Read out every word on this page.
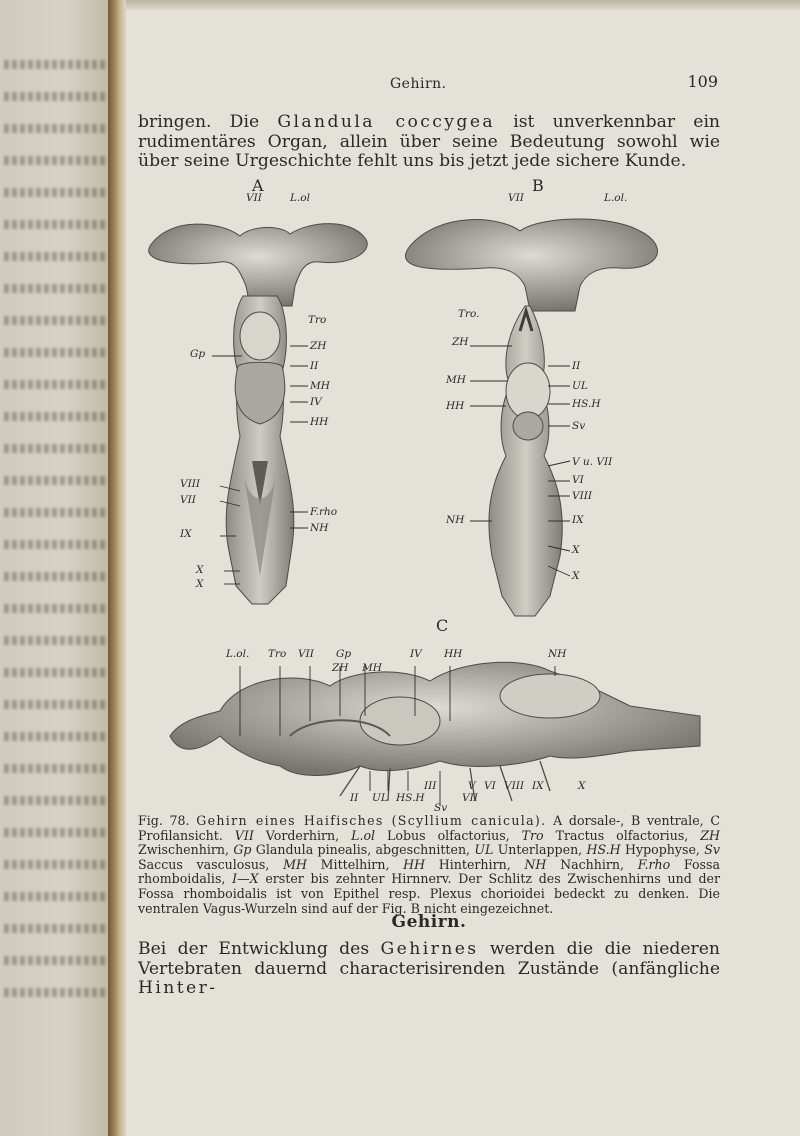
Gehirn.	109
bringen. Die Glandula coccygea ist unverkennbar ein rudimentäres Organ, allein über seine Bedeutung sowohl wie über seine Urgeschichte fehlt uns bis jetzt jede sichere Kunde.
A	B
C
VII	L.ol
Tro
Gp
ZH
II
MH
IV
HH
VIII
VII
IX
F.rho
NH
X
X
VII	L.ol.
Tro.
ZH
MH
HH
NH
II
UL
HS.H
Sv
V u. VII
VI
VIII
IX
X
X
L.ol. Tro VII Gp
ZH MH
IV HH	NH
II UL HS.H
III	V VI VIII IX	X
VII
Sv
Fig. 78. Gehirn eines Haifisches (Scyllium canicula). A dorsale-, B ventrale, C Profilansicht. VII Vorderhirn, L.ol Lobus olfactorius, Tro Tractus olfactorius, ZH Zwischenhirn, Gp Glandula pinealis, abgeschnitten, UL Unterlappen, HS.H Hypophyse, Sv Saccus vasculosus, MH Mittelhirn, HH Hinterhirn, NH Nachhirn, F.rho Fossa rhomboidalis, I—X erster bis zehnter Hirnnerv. Der Schlitz des Zwischenhirns und der Fossa rhomboidalis ist von Epithel resp. Plexus chorioidei bedeckt zu denken. Die ventralen Vagus-Wurzeln sind auf der Fig. B nicht eingezeichnet.
Gehirn.
Bei der Entwicklung des Gehirnes werden die die niederen Vertebraten dauernd characterisirenden Zustände (anfängliche Hinter-
